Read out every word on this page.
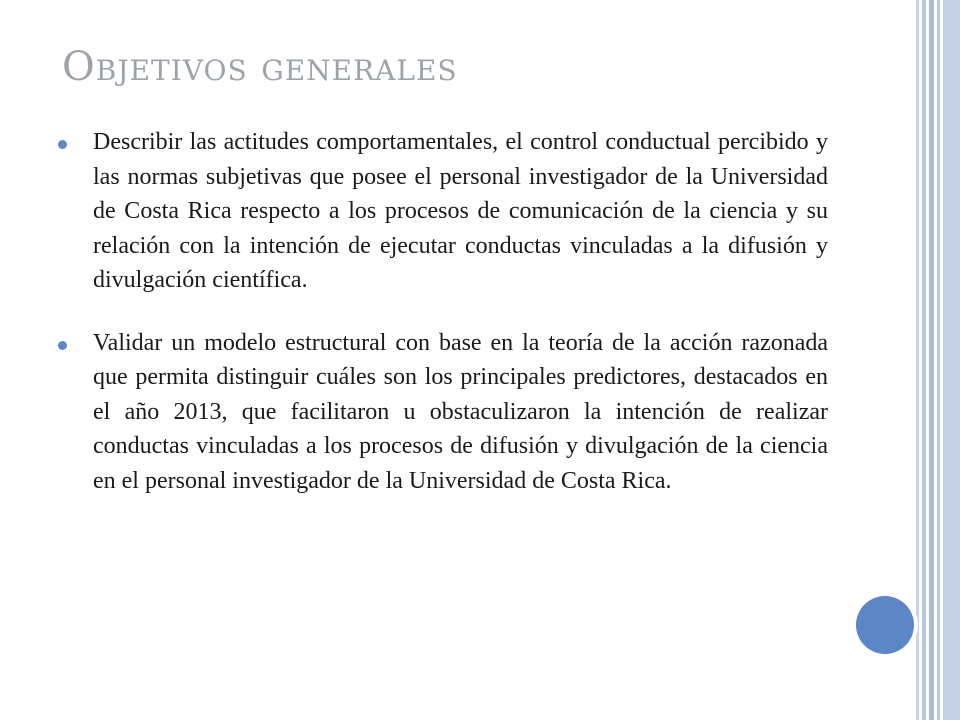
Objetivos generales
Describir las actitudes comportamentales, el control conductual percibido y las normas subjetivas que posee el personal investigador de la Universidad de Costa Rica respecto a los procesos de comunicación de la ciencia y su relación con la intención de ejecutar conductas vinculadas a la difusión y divulgación científica.
Validar un modelo estructural con base en la teoría de la acción razonada que permita distinguir cuáles son los principales predictores, destacados en el año 2013, que facilitaron u obstaculizaron la intención de realizar conductas vinculadas a los procesos de difusión y divulgación de la ciencia en el personal investigador de la Universidad de Costa Rica.
